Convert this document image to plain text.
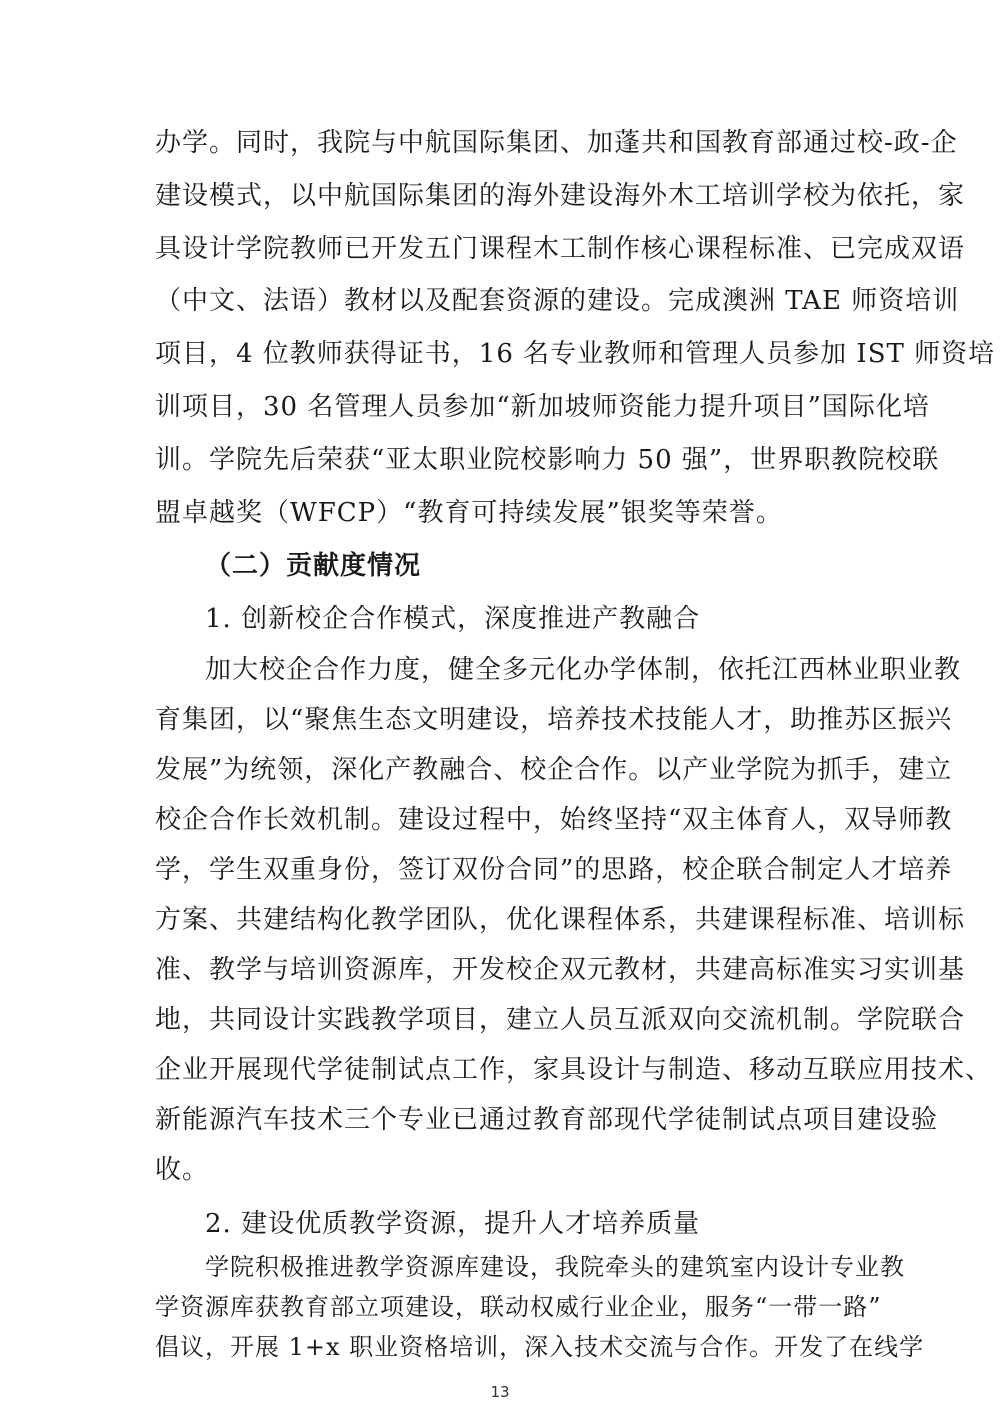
办学。同时，我院与中航国际集团、加蓬共和国教育部通过校-政-企
建设模式，以中航国际集团的海外建设海外木工培训学校为依托，家
具设计学院教师已开发五门课程木工制作核心课程标准、已完成双语
（中文、法语）教材以及配套资源的建设。完成澳洲 TAE 师资培训
项目，4 位教师获得证书，16 名专业教师和管理人员参加 IST 师资培
训项目，30 名管理人员参加“新加坡师资能力提升项目”国际化培
训。学院先后荣获“亚太职业院校影响力 50 强”，世界职教院校联
盟卓越奖（WFCP）“教育可持续发展”银奖等荣誉。
（二）贡献度情况
1. 创新校企合作模式，深度推进产教融合
加大校企合作力度，健全多元化办学体制，依托江西林业职业教
育集团，以“聚焦生态文明建设，培养技术技能人才，助推苏区振兴
发展”为统领，深化产教融合、校企合作。以产业学院为抓手，建立
校企合作长效机制。建设过程中，始终坚持“双主体育人，双导师教
学，学生双重身份，签订双份合同”的思路，校企联合制定人才培养
方案、共建结构化教学团队，优化课程体系，共建课程标准、培训标
准、教学与培训资源库，开发校企双元教材，共建高标准实习实训基
地，共同设计实践教学项目，建立人员互派双向交流机制。学院联合
企业开展现代学徒制试点工作，家具设计与制造、移动互联应用技术、
新能源汽车技术三个专业已通过教育部现代学徒制试点项目建设验
收。
2. 建设优质教学资源，提升人才培养质量
学院积极推进教学资源库建设，我院牵头的建筑室内设计专业教
学资源库获教育部立项建设，联动权威行业企业，服务“一带一路”
倡议，开展 1+x 职业资格培训，深入技术交流与合作。开发了在线学
13
